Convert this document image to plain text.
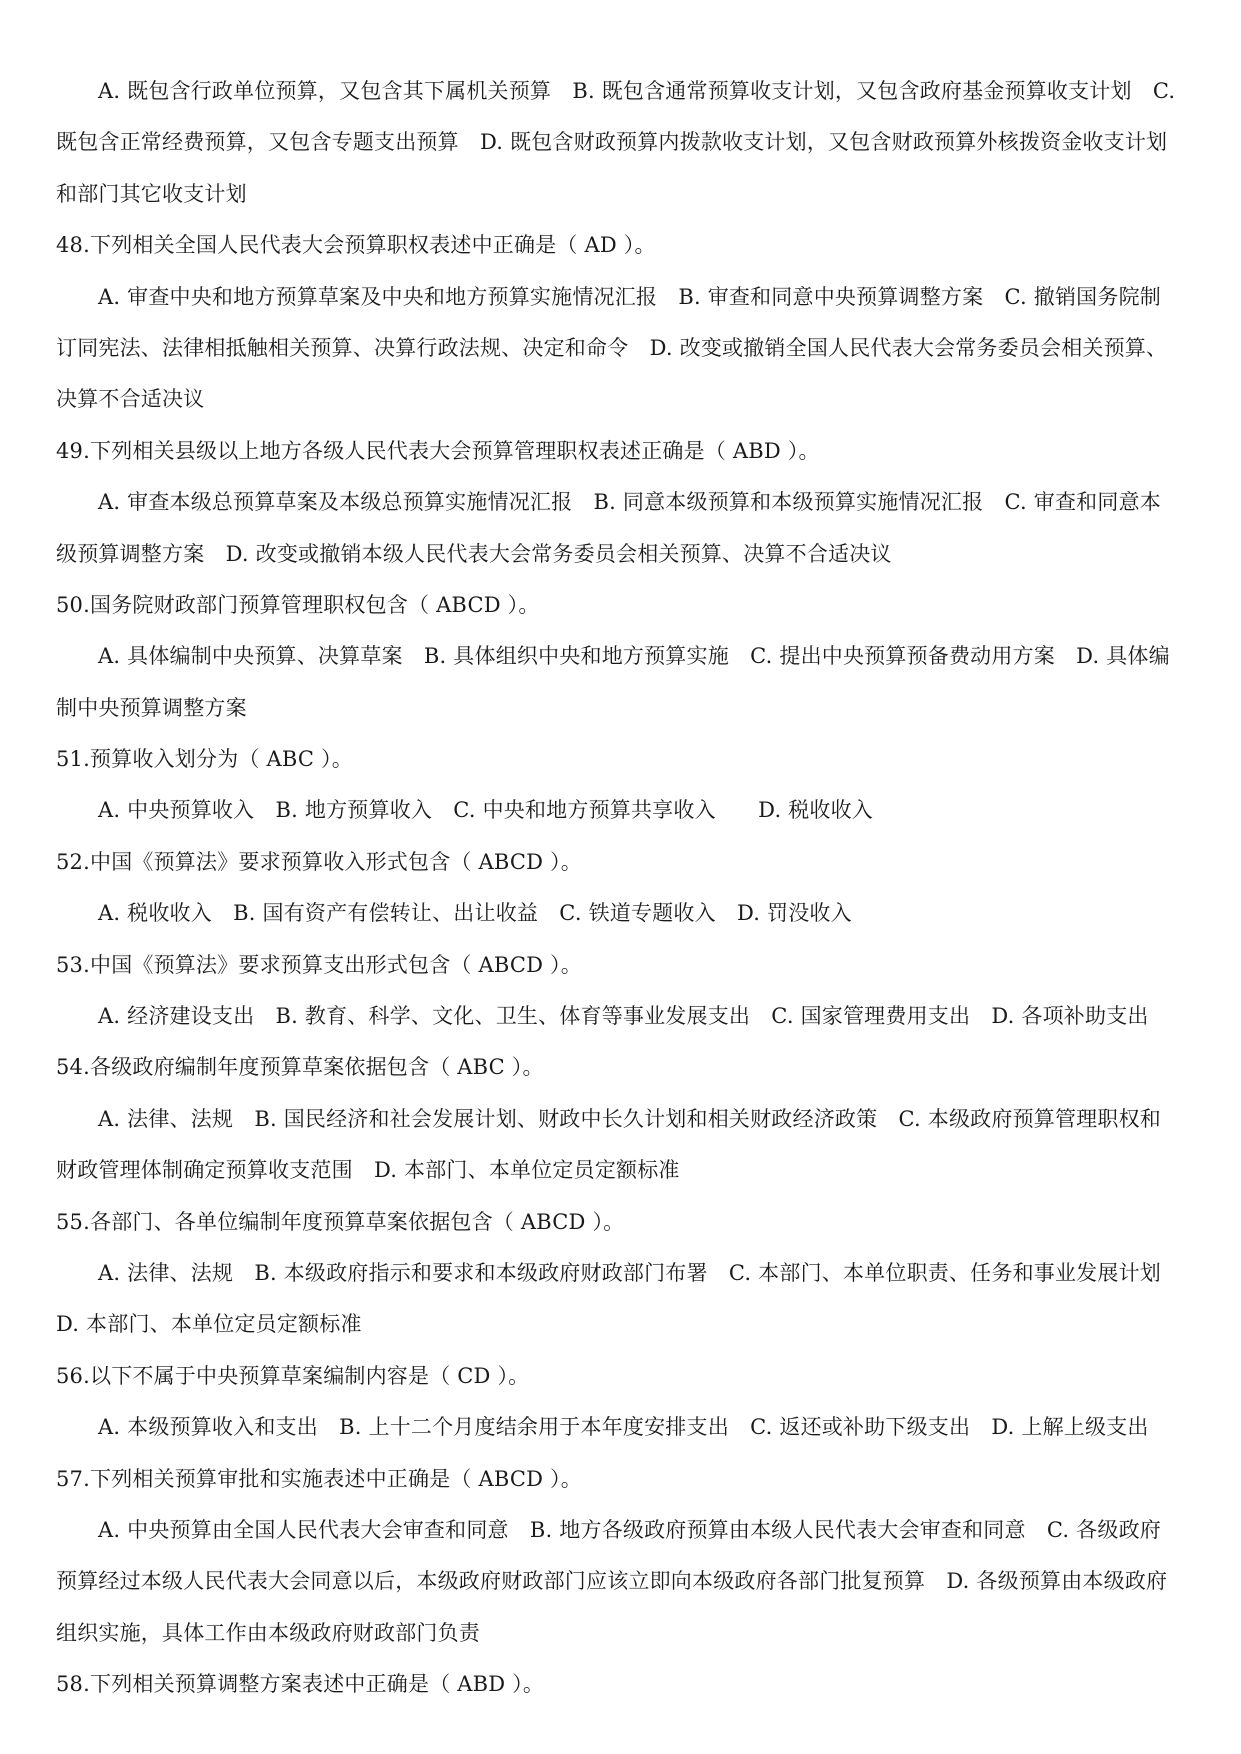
A. 既包含行政单位预算，又包含其下属机关预算　B. 既包含通常预算收支计划，又包含政府基金预算收支计划　C.
既包含正常经费预算，又包含专题支出预算　D. 既包含财政预算内拨款收支计划，又包含财政预算外核拨资金收支计划
和部门其它收支计划
48.下列相关全国人民代表大会预算职权表述中正确是（ AD ）。
A. 审查中央和地方预算草案及中央和地方预算实施情况汇报　B. 审查和同意中央预算调整方案　C. 撤销国务院制
订同宪法、法律相抵触相关预算、决算行政法规、决定和命令　D. 改变或撤销全国人民代表大会常务委员会相关预算、
决算不合适决议
49.下列相关县级以上地方各级人民代表大会预算管理职权表述正确是（ ABD ）。
A. 审查本级总预算草案及本级总预算实施情况汇报　B. 同意本级预算和本级预算实施情况汇报　C. 审查和同意本
级预算调整方案　D. 改变或撤销本级人民代表大会常务委员会相关预算、决算不合适决议
50.国务院财政部门预算管理职权包含（ ABCD ）。
A. 具体编制中央预算、决算草案　B. 具体组织中央和地方预算实施　C. 提出中央预算预备费动用方案　D. 具体编
制中央预算调整方案
51.预算收入划分为（ ABC ）。
A. 中央预算收入　B. 地方预算收入　C. 中央和地方预算共享收入　　D. 税收收入
52.中国《预算法》要求预算收入形式包含（ ABCD ）。
A. 税收收入　B. 国有资产有偿转让、出让收益　C. 铁道专题收入　D. 罚没收入
53.中国《预算法》要求预算支出形式包含（ ABCD ）。
A. 经济建设支出　B. 教育、科学、文化、卫生、体育等事业发展支出　C. 国家管理费用支出　D. 各项补助支出
54.各级政府编制年度预算草案依据包含（ ABC ）。
A. 法律、法规　B. 国民经济和社会发展计划、财政中长久计划和相关财政经济政策　C. 本级政府预算管理职权和
财政管理体制确定预算收支范围　D. 本部门、本单位定员定额标准
55.各部门、各单位编制年度预算草案依据包含（ ABCD ）。
A. 法律、法规　B. 本级政府指示和要求和本级政府财政部门布署　C. 本部门、本单位职责、任务和事业发展计划
D. 本部门、本单位定员定额标准
56.以下不属于中央预算草案编制内容是（ CD ）。
A. 本级预算收入和支出　B. 上十二个月度结余用于本年度安排支出　C. 返还或补助下级支出　D. 上解上级支出
57.下列相关预算审批和实施表述中正确是（ ABCD ）。
A. 中央预算由全国人民代表大会审查和同意　B. 地方各级政府预算由本级人民代表大会审查和同意　C. 各级政府
预算经过本级人民代表大会同意以后，本级政府财政部门应该立即向本级政府各部门批复预算　D. 各级预算由本级政府
组织实施，具体工作由本级政府财政部门负责
58.下列相关预算调整方案表述中正确是（ ABD ）。
